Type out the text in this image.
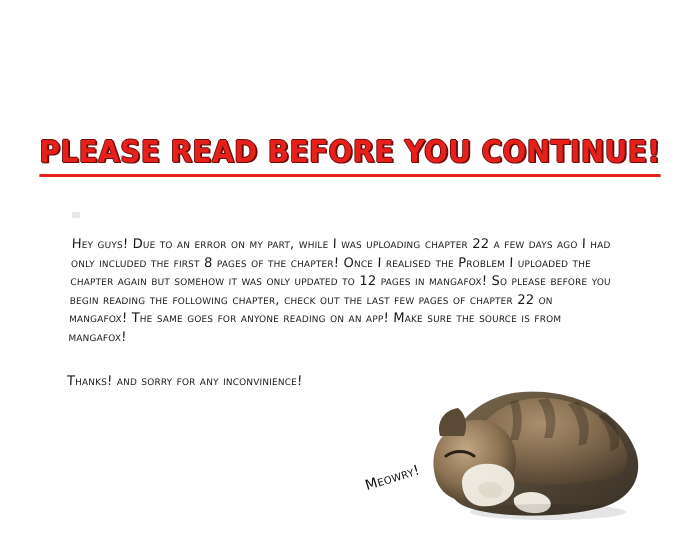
PLEASE READ BEFORE YOU CONTINUE!

Hey guys! Due to an error on my part, while I was uploading chapter 22 a few days ago I had only included the first 8 pages of the chapter! Once I realised the Problem I uploaded the chapter again but somehow it was only updated to 12 pages in mangafox! So please before you begin reading the following chapter, check out the last few pages of chapter 22 on mangafox! The same goes for anyone reading on an app! Make sure the source is from mangafox!

Thanks! and sorry for any inconvinience!

Meowry!
